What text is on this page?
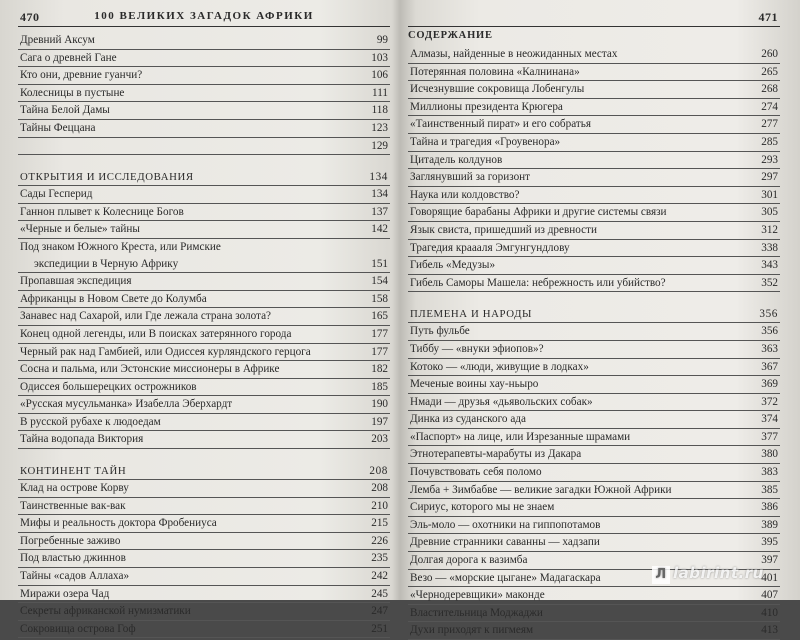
470	100 ВЕЛИКИХ ЗАГАДОК АФРИКИ
Древний Аксум	99
Сага о древней Гане	103
Кто они, древние гуанчи?	106
Колесницы в пустыне	111
Тайна Белой Дамы	118
Тайны Феццана	123
129
ОТКРЫТИЯ И ИССЛЕДОВАНИЯ	134
Сады Гесперид	134
Ганнон плывет к Колеснице Богов	137
«Черные и белые» тайны	142
Под знаком Южного Креста, или Римские
экспедиции в Черную Африку	151
Пропавшая экспедиция	154
Африканцы в Новом Свете до Колумба	158
Занавес над Сахарой, или Где лежала страна золота?	165
Конец одной легенды, или В поисках затерянного города	177
Черный рак над Гамбией, или Одиссея курляндского герцога	177
Сосна и пальма, или Эстонские миссионеры в Африке	182
Одиссея большерецких острожников	185
«Русская мусульманка» Изабелла Эберхардт	190
В русской рубахе к людоедам	197
Тайна водопада Виктория	203
КОНТИНЕНТ ТАЙН	208
Клад на острове Корву	208
Таинственные вак-вак	210
Мифы и реальность доктора Фробениуса	215
Погребенные заживо	226
Под властью джиннов	235
Тайны «садов Аллаха»	242
Миражи озера Чад	245
Секреты африканской нумизматики	247
Сокровища острова Гоф	251
471
СОДЕРЖАНИЕ
Алмазы, найденные в неожиданных местах	260
Потерянная половина «Калнинана»	265
Исчезнувшие сокровища Лобенгулы	268
Миллионы президента Крюгера	274
«Таинственный пират» и его собратья	277
Тайна и трагедия «Гроувенора»	285
Цитадель колдунов	293
Заглянувший за горизонт	297
Наука или колдовство?	301
Говорящие барабаны Африки и другие системы связи	305
Язык свиста, пришедший из древности	312
Трагедия краааля Эмгунгундлову	338
Гибель «Медузы»	343
Гибель Саморы Машела: небрежность или убийство?	352
ПЛЕМЕНА И НАРОДЫ	356
Путь фульбе	356
Тиббу — «внуки эфиопов»?	363
Котоко — «люди, живущие в лодках»	367
Меченые воины хау-ньыро	369
Нмади — друзья «дьявольских собак»	372
Динка из суданского ада	374
«Паспорт» на лице, или Изрезанные шрамами	377
Этнотерапевты-марабуты из Дакара	380
Почувствовать себя поломо	383
Лемба + Зимбабве — великие загадки Южной Африки	385
Сириус, которого мы не знаем	386
Эль-моло — охотники на гиппопотамов	389
Древние странники саванны — хадзапи	395
Долгая дорога к вазимба	397
Везо — «морские цыгане» Мадагаскара	401
«Чернодеревщики» маконде	407
Властительница Моджаджи	410
Духи приходят к пигмеям	413
Л labirint.ru
